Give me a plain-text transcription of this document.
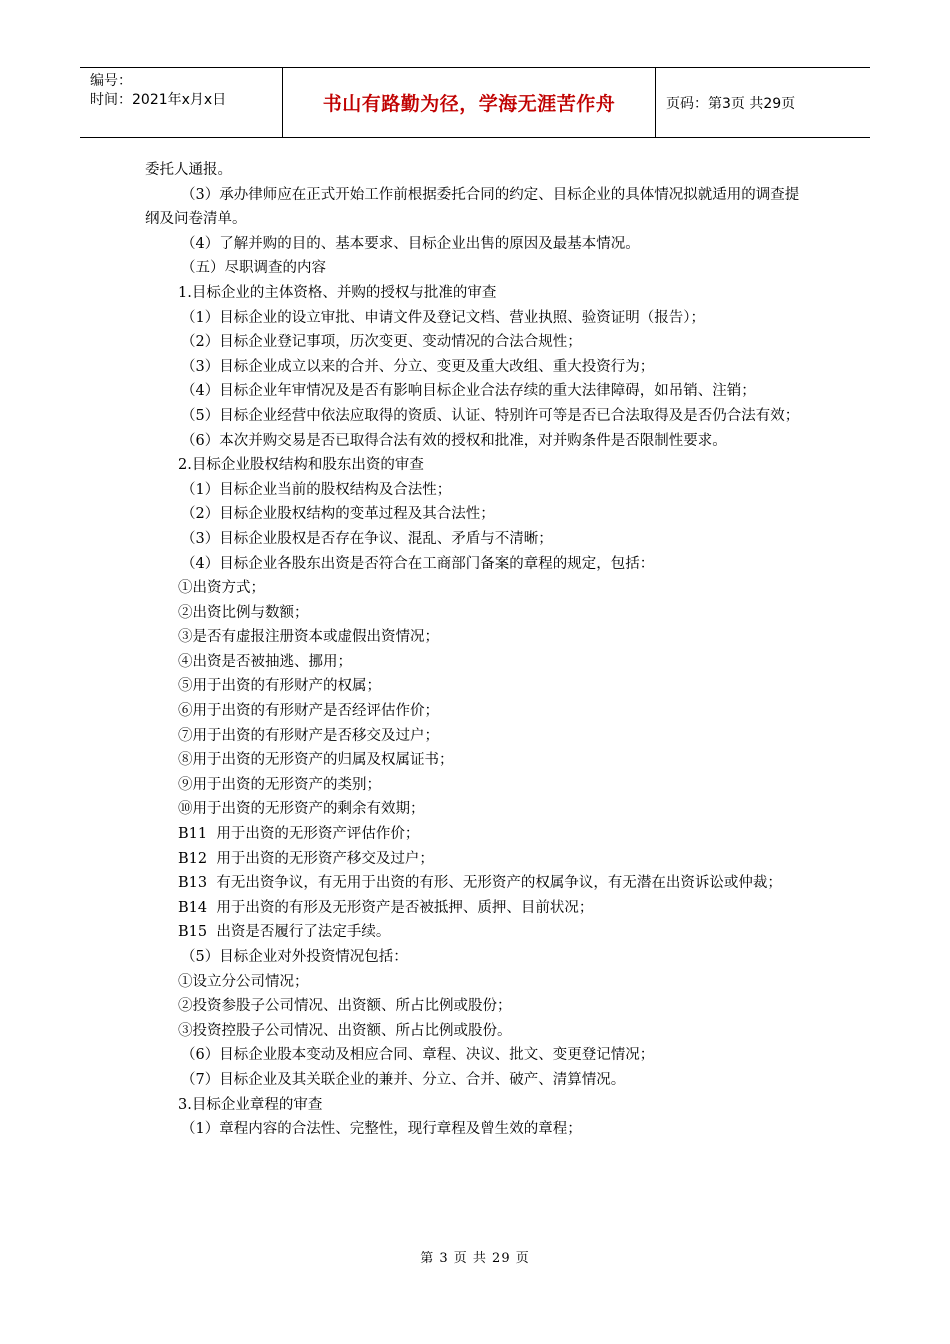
编号：
时间：2021年x月x日	书山有路勤为径，学海无涯苦作舟	页码：第3页 共29页

委托人通报。

（3）承办律师应在正式开始工作前根据委托合同的约定、目标企业的具体情况拟就适用的调查提纲及问卷清单。

（4）了解并购的目的、基本要求、目标企业出售的原因及最基本情况。

（五）尽职调查的内容

1.目标企业的主体资格、并购的授权与批准的审查

（1）目标企业的设立审批、申请文件及登记文档、营业执照、验资证明（报告）；

（2）目标企业登记事项，历次变更、变动情况的合法合规性；

（3）目标企业成立以来的合并、分立、变更及重大改组、重大投资行为；

（4）目标企业年审情况及是否有影响目标企业合法存续的重大法律障碍，如吊销、注销；

（5）目标企业经营中依法应取得的资质、认证、特别许可等是否已合法取得及是否仍合法有效；

（6）本次并购交易是否已取得合法有效的授权和批准，对并购条件是否限制性要求。

2.目标企业股权结构和股东出资的审查

（1）目标企业当前的股权结构及合法性；

（2）目标企业股权结构的变革过程及其合法性；

（3）目标企业股权是否存在争议、混乱、矛盾与不清晰；

（4）目标企业各股东出资是否符合在工商部门备案的章程的规定，包括：

①出资方式；

②出资比例与数额；

③是否有虚报注册资本或虚假出资情况；

④出资是否被抽逃、挪用；

⑤用于出资的有形财产的权属；

⑥用于出资的有形财产是否经评估作价；

⑦用于出资的有形财产是否移交及过户；

⑧用于出资的无形资产的归属及权属证书；

⑨用于出资的无形资产的类别；

⑩用于出资的无形资产的剩余有效期；

B11  用于出资的无形资产评估作价；

B12  用于出资的无形资产移交及过户；

B13  有无出资争议，有无用于出资的有形、无形资产的权属争议，有无潜在出资诉讼或仲裁；

B14  用于出资的有形及无形资产是否被抵押、质押、目前状况；

B15  出资是否履行了法定手续。

（5）目标企业对外投资情况包括：

①设立分公司情况；

②投资参股子公司情况、出资额、所占比例或股份；

③投资控股子公司情况、出资额、所占比例或股份。

（6）目标企业股本变动及相应合同、章程、决议、批文、变更登记情况；

（7）目标企业及其关联企业的兼并、分立、合并、破产、清算情况。

3.目标企业章程的审查

（1）章程内容的合法性、完整性，现行章程及曾生效的章程；

第 3 页 共 29 页
